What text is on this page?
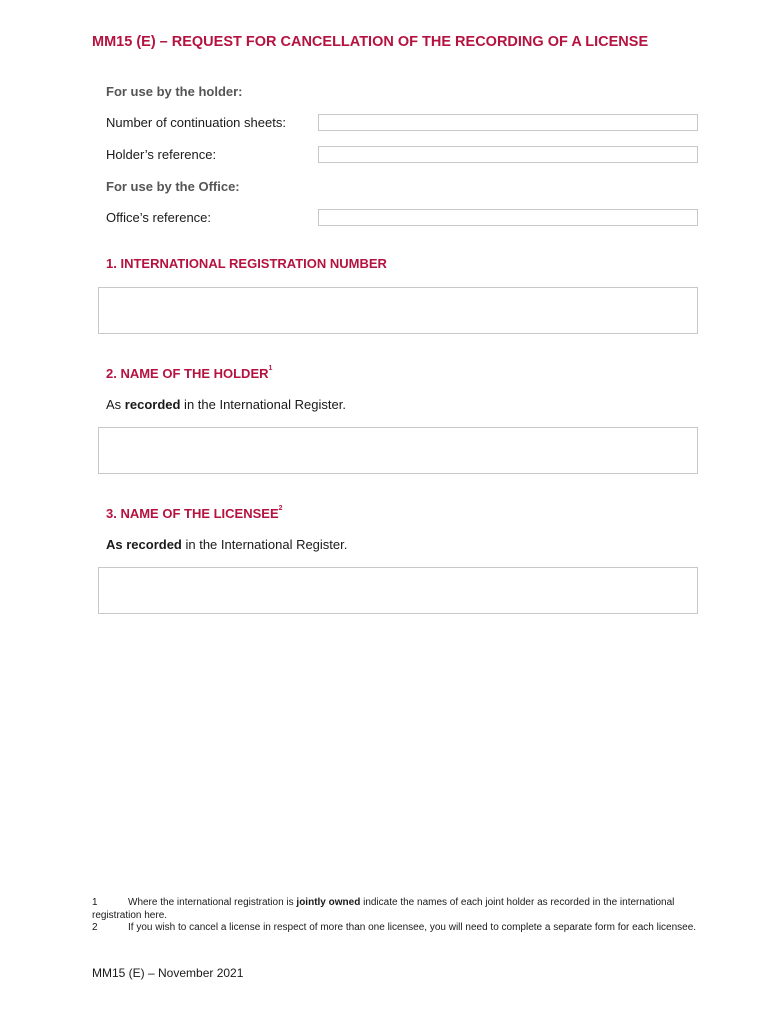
MM15 (E) – REQUEST FOR CANCELLATION OF THE RECORDING OF A LICENSE
For use by the holder:
Number of continuation sheets:
Holder’s reference:
For use by the Office:
Office’s reference:
1. INTERNATIONAL REGISTRATION NUMBER
2. NAME OF THE HOLDER$^1$
As recorded in the International Register.
3. NAME OF THE LICENSEE$^2$
As recorded in the International Register.
1	Where the international registration is jointly owned indicate the names of each joint holder as recorded in the international registration here.
2	If you wish to cancel a license in respect of more than one licensee, you will need to complete a separate form for each licensee.
MM15 (E) – November 2021
